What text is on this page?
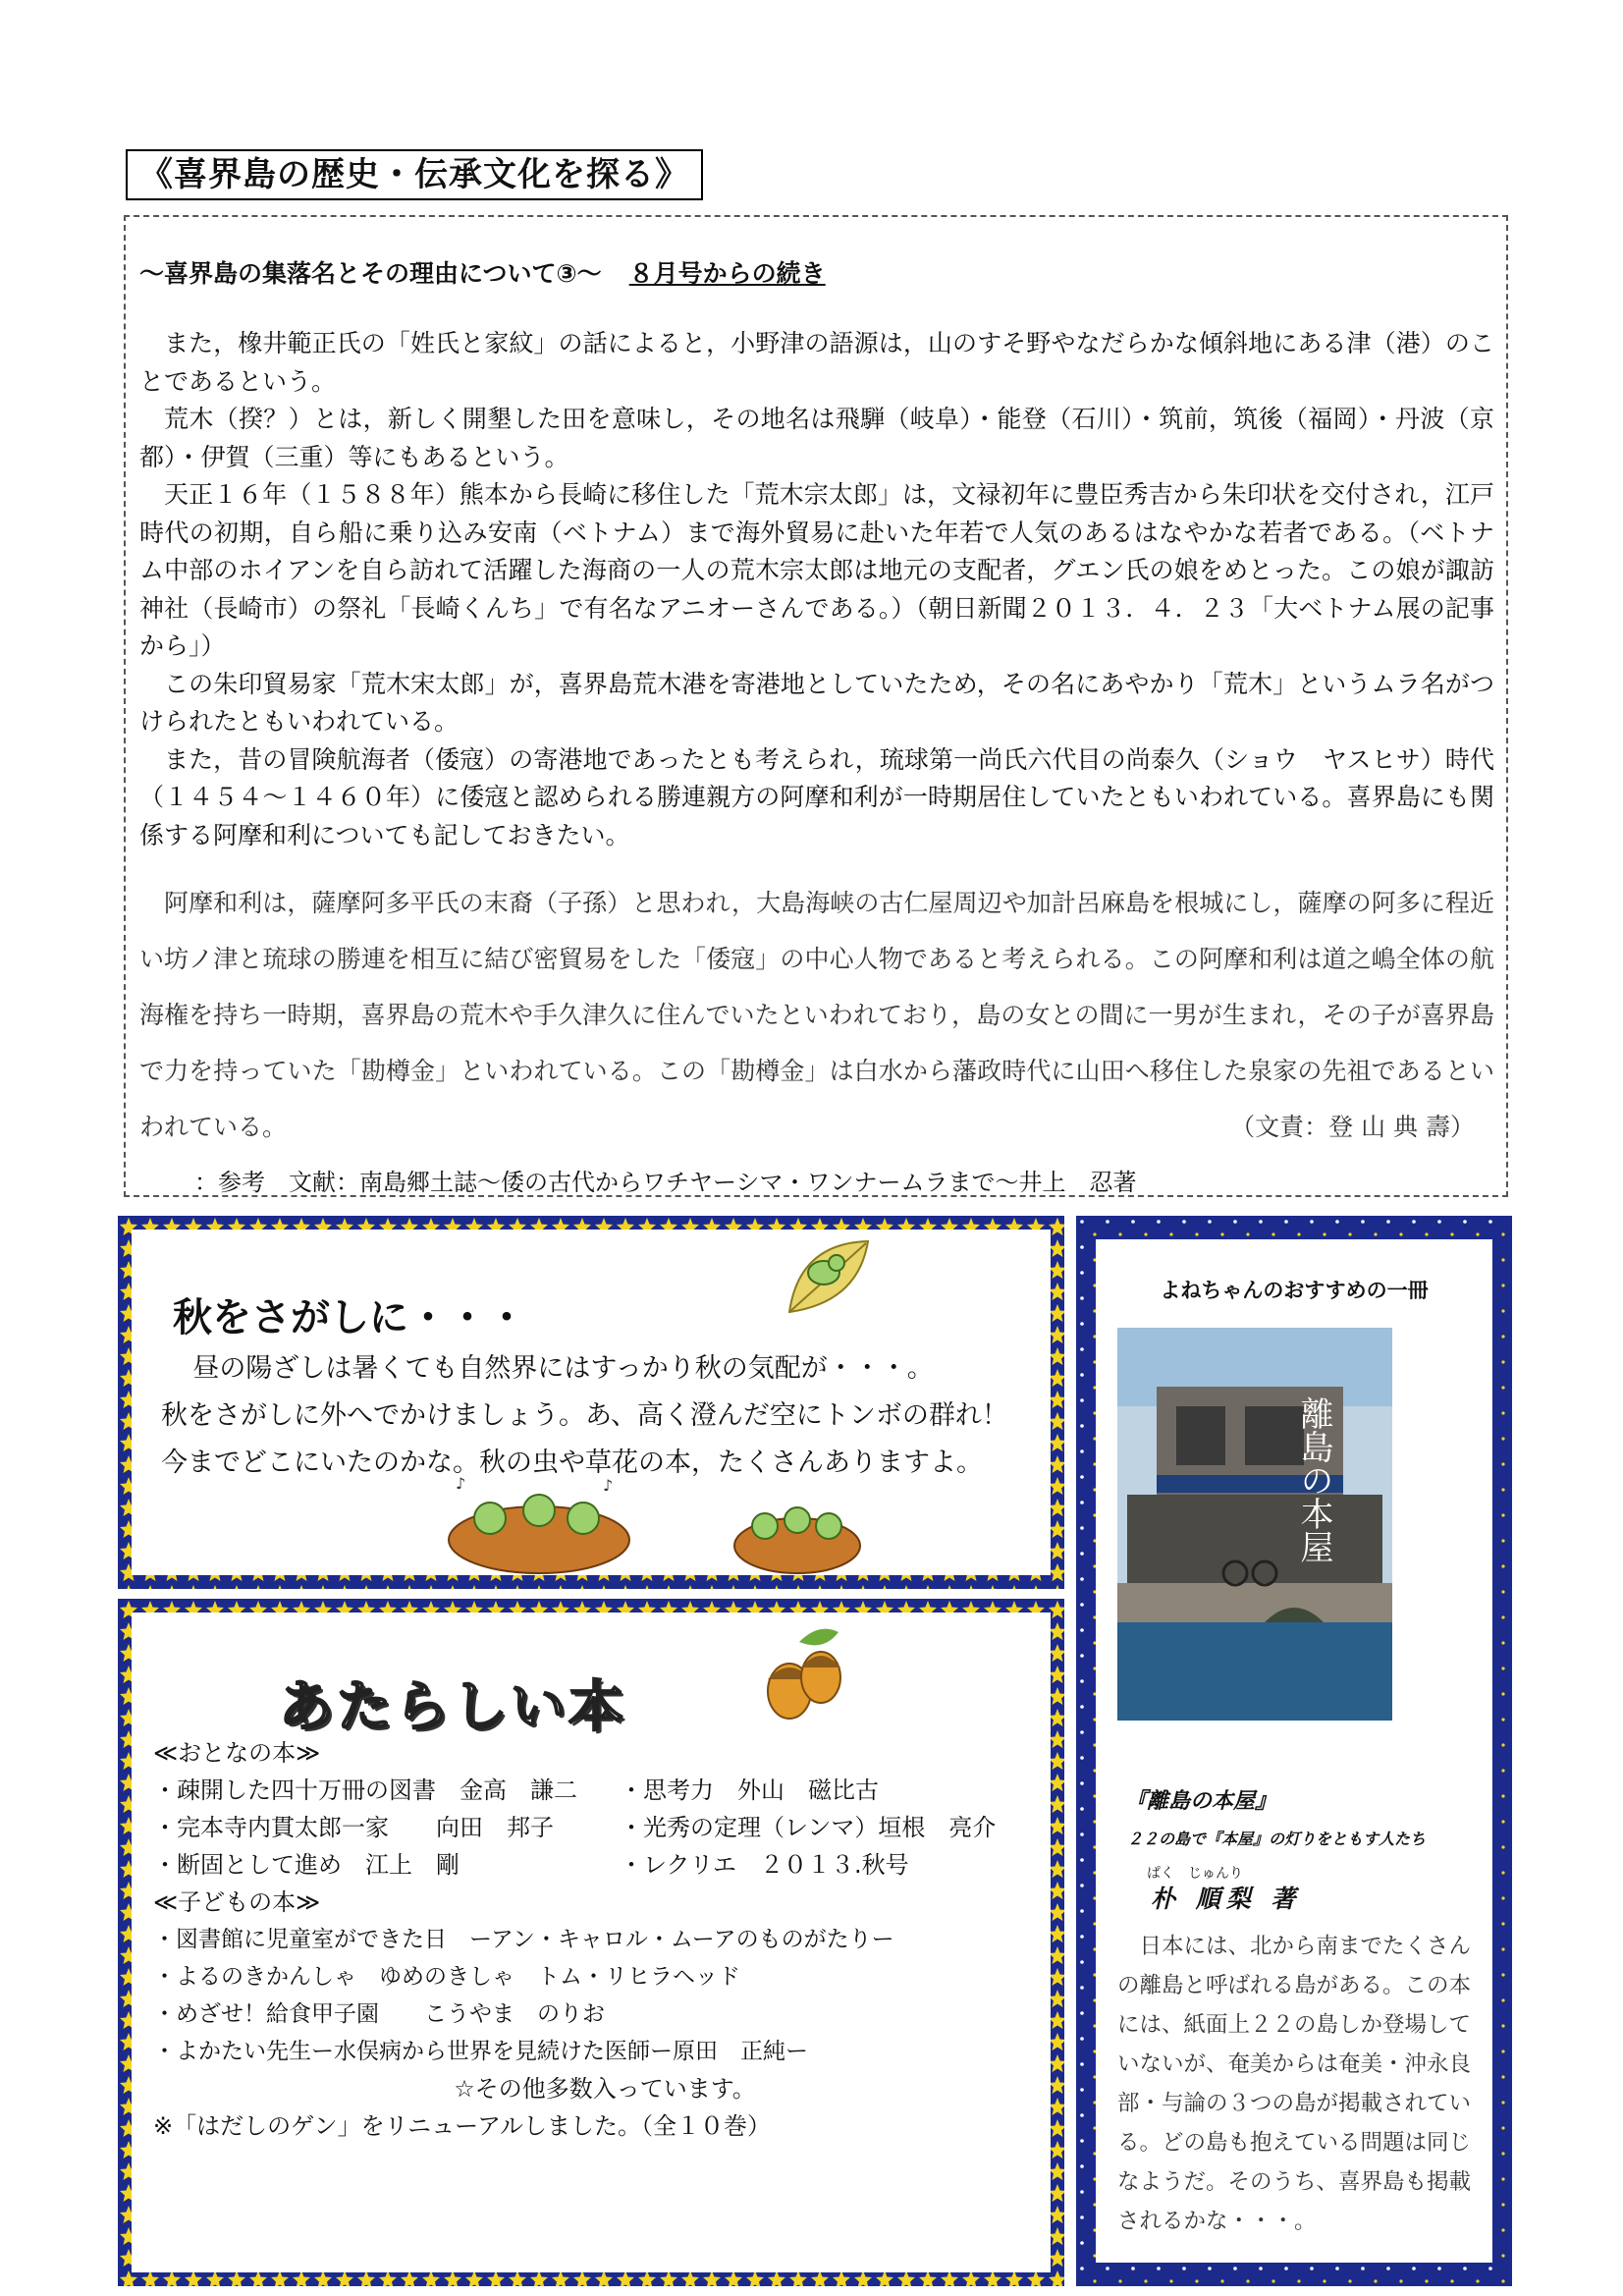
《喜界島の歴史・伝承文化を探る》
～喜界島の集落名とその理由について③～ ８月号からの続き

また，橡井範正氏の「姓氏と家紋」の話によると，小野津の語源は，山のすそ野やなだらかな傾斜地にある津（港）のことであるという。

荒木（揆？）とは，新しく開墾した田を意味し，その地名は飛騨（岐阜）・能登（石川）・筑前，筑後（福岡）・丹波（京都）・伊賀（三重）等にもあるという。

天正１６年（１５８８年）熊本から長崎に移住した「荒木宗太郎」は，文禄初年に豊臣秀吉から朱印状を交付され，江戸時代の初期，自ら船に乗り込み安南（ベトナム）まで海外貿易に赴いた年若で人気のあるはなやかな若者である。（ベトナム中部のホイアンを自ら訪れて活躍した海商の一人の荒木宗太郎は地元の支配者，グエン氏の娘をめとった。この娘が諏訪神社（長崎市）の祭礼「長崎くんち」で有名なアニオーさんである。）（朝日新聞２０１３．４．２３「大ベトナム展の記事から」）

この朱印貿易家「荒木宋太郎」が，喜界島荒木港を寄港地としていたため，その名にあやかり「荒木」というムラ名がつけられたともいわれている。

また，昔の冒険航海者（倭寇）の寄港地であったとも考えられ，琉球第一尚氏六代目の尚泰久（ショウ　ヤスヒサ）時代（１４５４～１４６０年）に倭寇と認められる勝連親方の阿摩和利が一時期居住していたともいわれている。喜界島にも関係する阿摩和利についても記しておきたい。

阿摩和利は，薩摩阿多平氏の末裔（子孫）と思われ，大島海峡の古仁屋周辺や加計呂麻島を根城にし，薩摩の阿多に程近い坊ノ津と琉球の勝連を相互に結び密貿易をした「倭寇」の中心人物であると考えられる。この阿摩和利は道之嶋全体の航海権を持ち一時期，喜界島の荒木や手久津久に住んでいたといわれており，島の女との間に一男が生まれ，その子が喜界島で力を持っていた「勘樽金」といわれている。この「勘樽金」は白水から藩政時代に山田へ移住した泉家の先祖であるといわれている。	（文責：登 山 典 壽）

：参考　文献：南島郷土誌～倭の古代からワチヤーシマ・ワンナームラまで～井上　忍著
秋をさがしに・・・

昼の陽ざしは暑くても自然界にはすっかり秋の気配が・・・。

秋をさがしに外へでかけましょう。あ、高く澄んだ空にトンボの群れ！

今までどこにいたのかな。秋の虫や草花の本，たくさんありますよ。

♪	♪
あたらしい本
≪おとなの本≫
・疎開した四十万冊の図書　金高　謙二 ・思考力　外山　磁比古
・完本寺内貫太郎一家　　向田　邦子	・光秀の定理（レンマ）垣根　亮介
・断固として進め　江上　剛	・レクリエ　２０１３.秋号
≪子どもの本≫
・図書館に児童室ができた日　ーアン・キャロル・ムーアのものがたりー
・よるのきかんしゃ　ゆめのきしゃ　トム・リヒラヘッド
・めざせ！給食甲子園　　こうやま　のりお
・よかたい先生ー水俣病から世界を見続けた医師ー原田　正純ー
☆その他多数入っています。
※「はだしのゲン」をリニューアルしました。（全１０巻）
よねちゃんのおすすめの一冊
離島の本屋
『離島の本屋』
２２の島で『本屋』の灯りをともす人たち
ぱく　じゅんり
朴 順梨 著

日本には、北から南までたくさんの離島と呼ばれる島がある。この本には、紙面上２２の島しか登場していないが、奄美からは奄美・沖永良部・与論の３つの島が掲載されている。どの島も抱えている問題は同じなようだ。そのうち、喜界島も掲載されるかな・・・。
